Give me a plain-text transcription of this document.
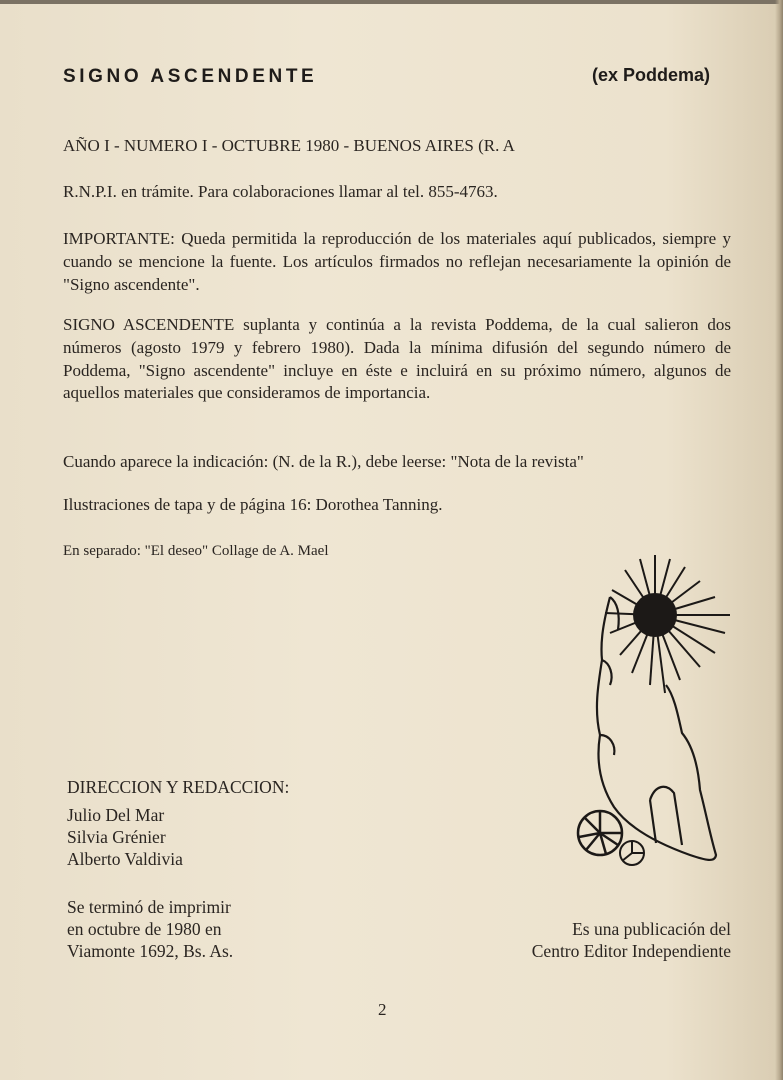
SIGNO ASCENDENTE	(ex Poddema)
AÑO I - NUMERO I - OCTUBRE 1980 - BUENOS AIRES (R. A
R.N.P.I. en trámite. Para colaboraciones llamar al tel. 855-4763.
IMPORTANTE: Queda permitida la reproducción de los materiales aquí publicados, siempre y cuando se mencione la fuente. Los artículos firmados no reflejan necesariamente la opinión de "Signo ascendente".
SIGNO ASCENDENTE suplanta y continúa a la revista Poddema, de la cual salieron dos números (agosto 1979 y febrero 1980). Dada la mínima difusión del segundo número de Poddema, "Signo ascendente" incluye en éste e incluirá en su próximo número, algunos de aquellos materiales que consideramos de importancia.
Cuando aparece la indicación: (N. de la R.), debe leerse: "Nota de la revista"
Ilustraciones de tapa y de página 16: Dorothea Tanning.
En separado: "El deseo" Collage de A. Mael
DIRECCION Y REDACCION:
Julio Del Mar
Silvia Grénier
Alberto Valdivia
Se terminó de imprimir
en octubre de 1980 en
Viamonte 1692, Bs. As.
Es una publicación del
Centro Editor Independiente
2
